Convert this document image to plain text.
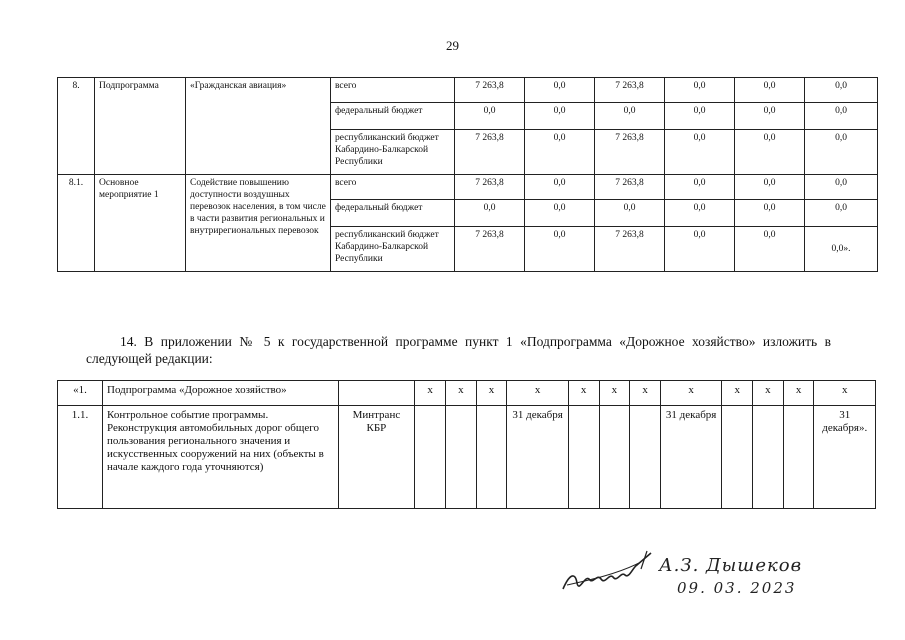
29
8.	Подпрограмма	«Гражданская авиация»	всего	7 263,8	0,0	7 263,8	0,0	0,0	0,0
			федеральный бюджет	0,0	0,0	0,0	0,0	0,0	0,0
			республиканский бюджет Кабардино-Балкарской Республики	7 263,8	0,0	7 263,8	0,0	0,0	0,0
8.1.	Основное мероприятие 1	Содействие повышению доступности воздушных перевозок населения, в том числе в части развития региональных и внутрирегиональных перевозок	всего	7 263,8	0,0	7 263,8	0,0	0,0	0,0
			федеральный бюджет	0,0	0,0	0,0	0,0	0,0	0,0
			республиканский бюджет Кабардино-Балкарской Республики	7 263,8	0,0	7 263,8	0,0	0,0	0,0».
14. В приложении № 5 к государственной программе пункт 1 «Подпрограмма «Дорожное хозяйство» изложить в следующей редакции:
«1.	Подпрограмма «Дорожное хозяйство»		x	x	x	x	x	x	x	x	x	x	x	x
1.1.	Контрольное событие программы. Реконструкция автомобильных дорог общего пользования регионального значения и искусственных сооружений на них (объекты в начале каждого года уточняются)	Минтранс КБР				31 декабря				31 декабря				31 декабря».
А.З. Дышеков
09. 03. 2023
